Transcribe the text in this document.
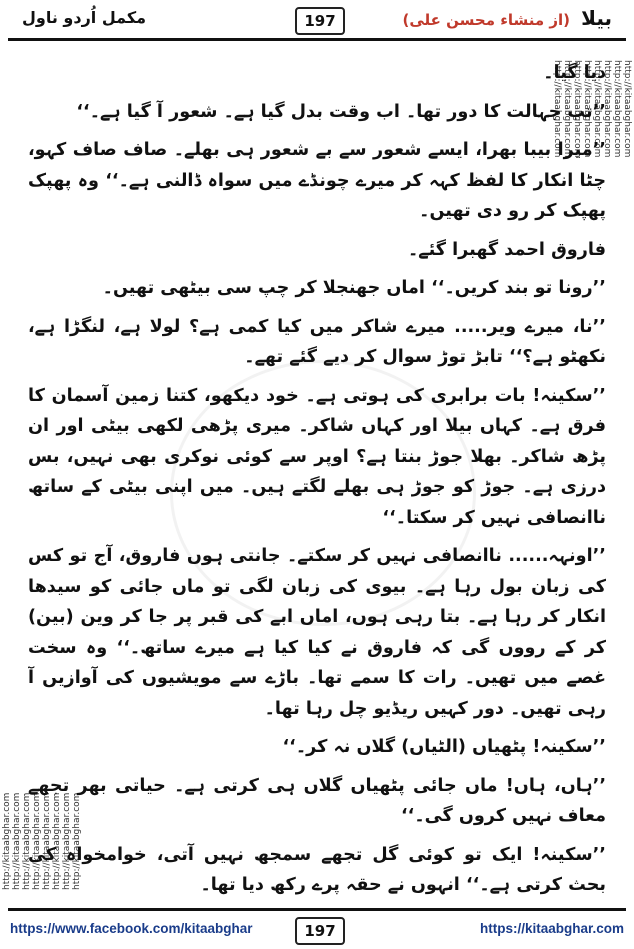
مکمل اُردو ناول	197	بیلا (از منشاء محسن علی)
http://kitaabghar.com http://kitaabghar.com http://kitaabghar.com http://kitaabghar.com http://kitaabghar.com http://kitaabghar.com http://kitaabghar.com http://kitaabghar.com
http://kitaabghar.com
http://kitaabghar.com
http://kitaabghar.com
http://kitaabghar.com
http://kitaabghar.com
http://kitaabghar.com
http://kitaabghar.com
http://kitaabghar.com

دیا گیا۔

’’تب جہالت کا دور تھا۔ اب وقت بدل گیا ہے۔ شعور آ گیا ہے۔‘‘

’’میرا بیبا بھرا، ایسے شعور سے بے شعور ہی بھلے۔ صاف صاف کہو، چٹا انکار کا لفظ کہہ کر میرے چونڈے میں سواہ ڈالنی ہے۔‘‘ وہ پھپک پھپک کر رو دی تھیں۔

فاروق احمد گھبرا گئے۔

’’رونا تو بند کریں۔‘‘ اماں جھنجلا کر چپ سی بیٹھی تھیں۔

’’نا، میرے ویر..... میرے شاکر میں کیا کمی ہے؟ لولا ہے، لنگڑا ہے، نکھٹو ہے؟‘‘ تابڑ توڑ سوال کر دیے گئے تھے۔

’’سکینہ! بات برابری کی ہوتی ہے۔ خود دیکھو، کتنا زمین آسمان کا فرق ہے۔ کہاں بیلا اور کہاں شاکر۔ میری پڑھی لکھی بیٹی اور ان پڑھ شاکر۔ بھلا جوڑ بنتا ہے؟ اوپر سے کوئی نوکری بھی نہیں، بس درزی ہے۔ جوڑ کو جوڑ ہی بھلے لگتے ہیں۔ میں اپنی بیٹی کے ساتھ ناانصافی نہیں کر سکتا۔‘‘

’’اونہہ...... ناانصافی نہیں کر سکتے۔ جانتی ہوں فاروق، آج تو کس کی زبان بول رہا ہے۔ بیوی کی زبان لگی تو ماں جائی کو سیدھا انکار کر رہا ہے۔ بتا رہی ہوں، اماں ابے کی قبر پر جا کر وین (بین) کر کے رووں گی کہ فاروق نے کیا کیا ہے میرے ساتھ۔‘‘ وہ سخت غصے میں تھیں۔ رات کا سمے تھا۔ باڑے سے مویشیوں کی آوازیں آ رہی تھیں۔ دور کہیں ریڈیو چل رہا تھا۔

’’سکینہ! پٹھیاں (الٹیاں) گلاں نہ کر۔‘‘

’’ہاں، ہاں! ماں جائی پٹھیاں گلاں ہی کرتی ہے۔ حیاتی بھر تجھے معاف نہیں کروں گی۔‘‘

’’سکینہ! ایک تو کوئی گل تجھے سمجھ نہیں آتی، خوامخواہ کی بحث کرتی ہے۔‘‘ انہوں نے حقہ پرے رکھ دیا تھا۔

https://www.facebook.com/kitaabghar	197	https://kitaabghar.com
